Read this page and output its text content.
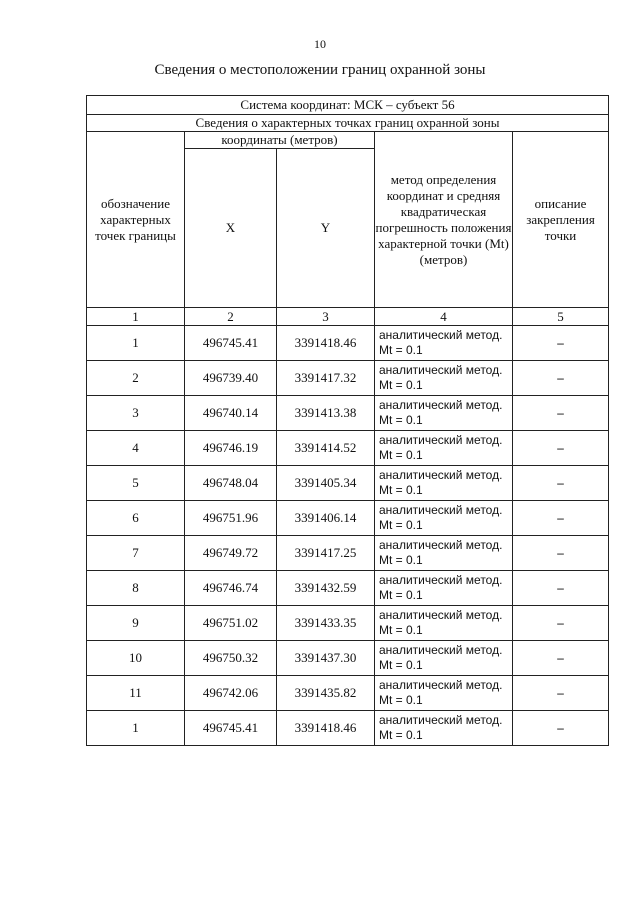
10
Сведения о местоположении границ охранной зоны
Система координат: МСК – субъект 56				
Сведения о характерных точках границ охранной зоны				
обозначение характерных точек границы	координаты (метров)		метод определения координат и средняя квадратическая погрешность положения характерной точки (Mt) (метров)	описание закрепления точки
	X	Y		
1	2	3	4	5
1	496745.41	3391418.46	аналитический метод. Mt = 0.1	–
2	496739.40	3391417.32	аналитический метод. Mt = 0.1	–
3	496740.14	3391413.38	аналитический метод. Mt = 0.1	–
4	496746.19	3391414.52	аналитический метод. Mt = 0.1	–
5	496748.04	3391405.34	аналитический метод. Mt = 0.1	–
6	496751.96	3391406.14	аналитический метод. Mt = 0.1	–
7	496749.72	3391417.25	аналитический метод. Mt = 0.1	–
8	496746.74	3391432.59	аналитический метод. Mt = 0.1	–
9	496751.02	3391433.35	аналитический метод. Mt = 0.1	–
10	496750.32	3391437.30	аналитический метод. Mt = 0.1	–
11	496742.06	3391435.82	аналитический метод. Mt = 0.1	–
1	496745.41	3391418.46	аналитический метод. Mt = 0.1	–
